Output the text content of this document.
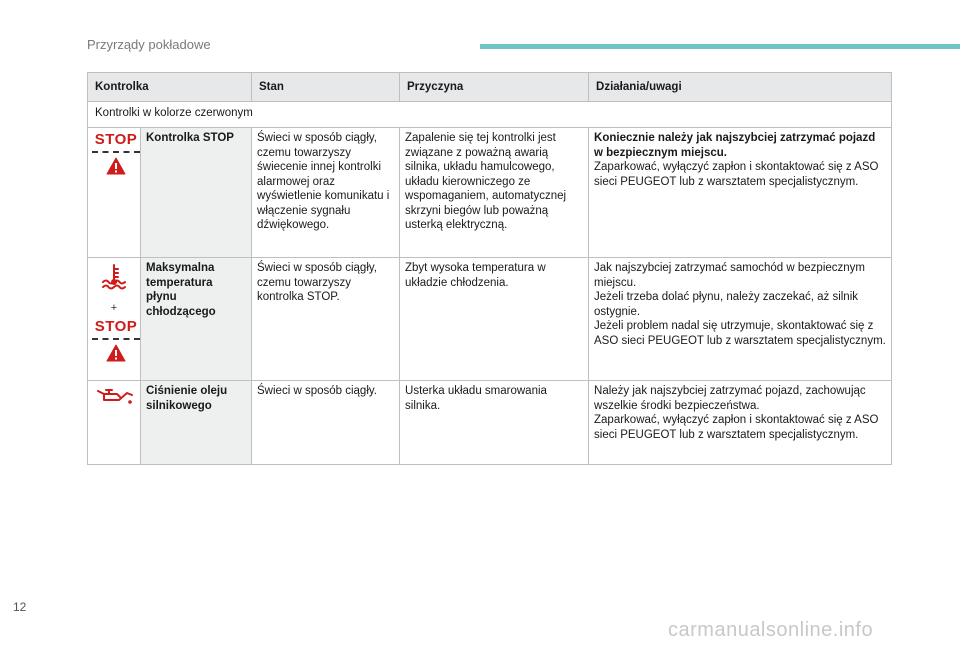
Przyrządy pokładowe
Kontrolka		Stan	Przyczyna	Działania/uwagi
Kontrolki w kolorze czerwonym				

STOP	Kontrolka STOP	Świeci w sposób ciągły, czemu towarzyszy świecenie innej kontrolki alarmowej oraz wyświetlenie komunikatu i włączenie sygnału dźwiękowego.	Zapalenie się tej kontrolki jest związane z poważną awarią silnika, układu hamulcowego, układu kierowniczego ze wspomaganiem, automatycznej skrzyni biegów lub poważną usterką elektryczną.	Koniecznie należy jak najszybciej zatrzymać pojazd w bezpiecznym miejscu.
Zaparkować, wyłączyć zapłon i skontaktować się z ASO sieci PEUGEOT lub z warsztatem specjalistycznym.

+
STOP	Maksymalna temperatura płynu chłodzącego	Świeci w sposób ciągły, czemu towarzyszy kontrolka STOP.	Zbyt wysoka temperatura w układzie chłodzenia.	Jak najszybciej zatrzymać samochód w bezpiecznym miejscu.
Jeżeli trzeba dolać płynu, należy zaczekać, aż silnik ostygnie.
Jeżeli problem nadal się utrzymuje, skontaktować się z ASO sieci PEUGEOT lub z warsztatem specjalistycznym.
	Ciśnienie oleju silnikowego	Świeci w sposób ciągły.	Usterka układu smarowania silnika.	Należy jak najszybciej zatrzymać pojazd, zachowując wszelkie środki bezpieczeństwa.
Zaparkować, wyłączyć zapłon i skontaktować się z ASO sieci PEUGEOT lub z warsztatem specjalistycznym.
12
carmanualsonline.info
